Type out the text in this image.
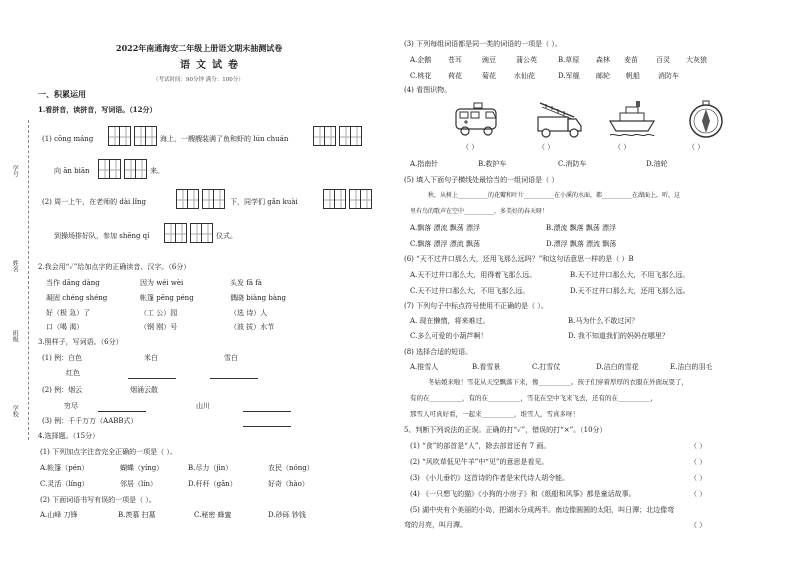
学号
姓名
班级
学校
2022年南通海安二年级上册语文期末抽测试卷
语文试卷
（考试时间：90分钟 满分：100分）
一、积累运用
1.看拼音，读拼音，写词语。（12分）
(1) cōng máng	海上，一艘艘装满了鱼和虾的 lún chuán
向 ān biān	来。
(2) 周一上午，在老师的 dài lǐng	下，同学们 gǎn kuài
到操场排好队，参加 shēng qí	仪式。
2.我会用“✓”给加点字的正确读音、汉字。（6分）
当作 dāng dàng	因为 wéi wèi	头发 fā fà
凝固 chéng shéng	帐篷 pēng péng	偶晓 biàng bàng
好（极 急）了	（工 公）园	（选 诗）人
口（喝 渴）	（钢 刚）号	（波 拔）水节
3.照样子，写词语。（6分）
(1) 例：白色	米白	雪白
红色
(2) 例：烟云	烟涌云散
穷尽	山川
(3) 例：千千万万（AABB式）
4.选择题。（15分）
(1) 下列加点字注音完全正确的一项是（ ）。
A.帐篷（pén）	蝴蝶（yíng）	B.尽力（jìn）	农民（nóng）
C.灵活（líng）	邻居（lín）	D.秆秆（gǎn）	好奇（hào）
(2) 下面词语书写有误的一项是（ ）。
A.山峰 刀锋	B.羡慕 扫墓	C.秘密 蜂蜜	D.砂砾 钞钱
(3) 下列每组词语都是同一类的词语的一项是（ ）。
A.企鹅 苍耳	豌豆	蒲公英	B.草原 森林 麦苗	百灵 大灰狼
C.桃花 荷花	菊花	水仙花	D.军舰 邮轮 帆船	消防车
(4) 看图识物。
（ ）	（ ）	（ ）	（ ）
A.指南针	B.救护车	C.消防车	D.油轮
(5) 填入下面句子横线处最恰当的一组词语是（ ）
秋，从树上__________的花瓣和叶片__________在小溪的水面，都__________在湖面上。听，这
里有鸟的歌声在空中__________，多美好的春天呀！
A.飘落 漂流 飘荡 漂浮	B.漂流 飘落 飘荡 漂浮
C.飘落 漂浮 漂流 飘荡	D.漂浮 飘落 漂流 飘荡
(6) “天不过井口那么大，还用飞那么远吗？”和这句话意思一样的是（ ）B
A.天不过井口那么大，用得着飞那么远。	B.天不过井口那么大，不用飞那么远。
C.天不过井口那么大，不用飞那么远。	D.天不过井口那么大，还用飞那么远。
(7) 下列句子中标点符号使用不正确的是（ ）。
A. 现在懒惰，将来难过。	B.马为什么不敢过河？
C.多么可爱的小葫芦啊！	D. 我不知道我们的妈妈在哪里？
(8) 选择合适的短语。
A.推雪人	B.看雪景	C.打雪仗	D.洁白的雪花	E.洁白的羽毛
冬姑娘来啦！雪花从天空飘落下来，像__________。孩子们穿着厚厚的衣服在外面玩耍了，
有的在__________，有的在__________，雪花在空中飞来飞去，还有的在__________，
那雪人可真好看，一起来__________，堆雪人，雪真多呀！
5、判断下列说法的正误。正确的打“✓”，错误的打“×”。（10分）
(1) “食”的部首是“人”，除去部首还有 7 画。	（ ）
(2) “风吹草低见牛羊”中“见”的意思是看见。	（ ）
(3) 《小儿垂钓》这首诗的作者是宋代诗人胡令能。	（ ）
(4) 《一只想飞的猫》《小狗的小房子》和《纸船和风筝》都是童话故事。	（ ）
(5) 湖中央有个美丽的小岛，把湖水分成两半。南边像圆圆的太阳，叫日潭；北边像弯
弯的月亮，叫月潭。	（ ）
